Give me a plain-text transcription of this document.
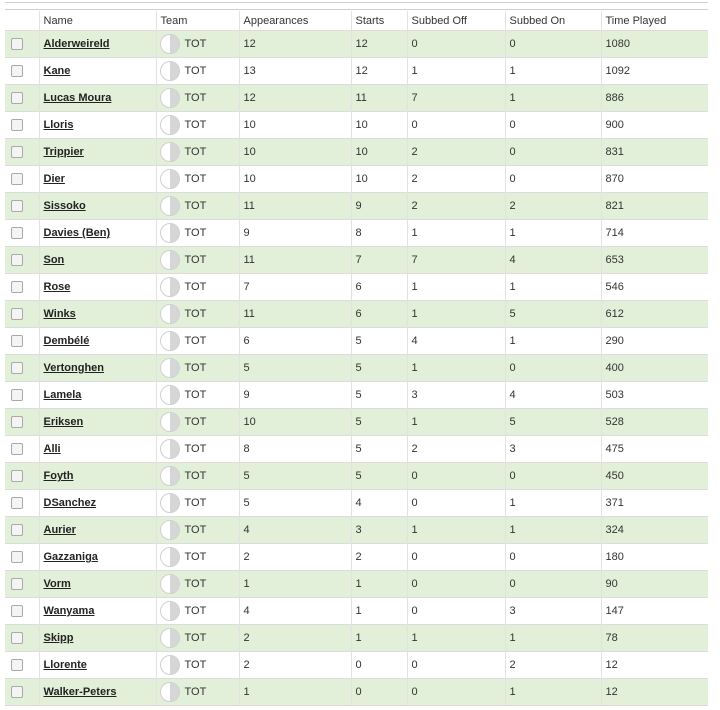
	Name	Team	Appearances	Starts	Subbed Off	Subbed On	Time Played
	Alderweireld	TOT	12	12	0	0	1080
	Kane	TOT	13	12	1	1	1092
	Lucas Moura	TOT	12	11	7	1	886
	Lloris	TOT	10	10	0	0	900
	Trippier	TOT	10	10	2	0	831
	Dier	TOT	10	10	2	0	870
	Sissoko	TOT	11	9	2	2	821
	Davies (Ben)	TOT	9	8	1	1	714
	Son	TOT	11	7	7	4	653
	Rose	TOT	7	6	1	1	546
	Winks	TOT	11	6	1	5	612
	Dembélé	TOT	6	5	4	1	290
	Vertonghen	TOT	5	5	1	0	400
	Lamela	TOT	9	5	3	4	503
	Eriksen	TOT	10	5	1	5	528
	Alli	TOT	8	5	2	3	475
	Foyth	TOT	5	5	0	0	450
	DSanchez	TOT	5	4	0	1	371
	Aurier	TOT	4	3	1	1	324
	Gazzaniga	TOT	2	2	0	0	180
	Vorm	TOT	1	1	0	0	90
	Wanyama	TOT	4	1	0	3	147
	Skipp	TOT	2	1	1	1	78
	Llorente	TOT	2	0	0	2	12
	Walker-Peters	TOT	1	0	0	1	12
